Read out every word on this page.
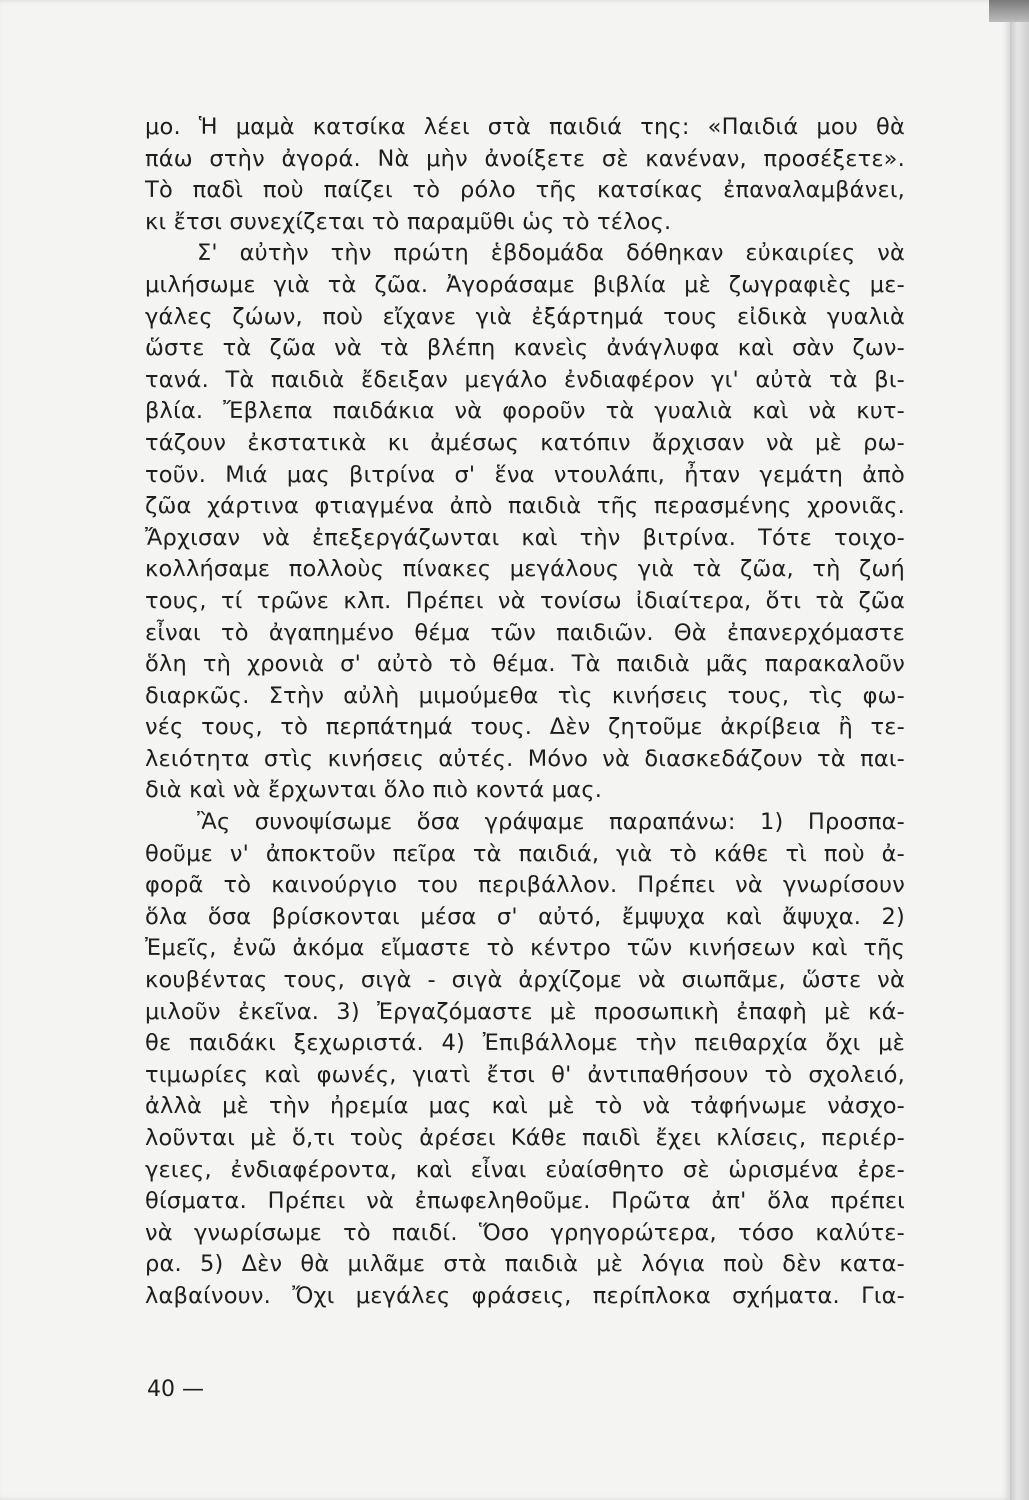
μο. Ἡ μαμὰ κατσίκα λέει στὰ παιδιά της: «Παιδιά μου θὰ
πάω στὴν ἀγορά. Νὰ μὴν ἀνοίξετε σὲ κανέναν, προσέξετε».
Τὸ παδὶ ποὺ παίζει τὸ ρόλο τῆς κατσίκας ἐπαναλαμβάνει,
κι ἔτσι συνεχίζεται τὸ παραμῦθι ὡς τὸ τέλος.
Σ' αὐτὴν τὴν πρώτη ἑβδομάδα δόθηκαν εὐκαιρίες νὰ
μιλήσωμε γιὰ τὰ ζῶα. Ἀγοράσαμε βιβλία μὲ ζωγραφιὲς με-
γάλες ζώων, ποὺ εἴχανε γιὰ ἐξάρτημά τους εἰδικὰ γυαλιὰ
ὥστε τὰ ζῶα νὰ τὰ βλέπη κανεὶς ἀνάγλυφα καὶ σὰν ζων-
τανά. Τὰ παιδιὰ ἔδειξαν μεγάλο ἐνδιαφέρον γι' αὐτὰ τὰ βι-
βλία. Ἔβλεπα παιδάκια νὰ φοροῦν τὰ γυαλιὰ καὶ νὰ κυτ-
τάζουν ἐκστατικὰ κι ἀμέσως κατόπιν ἄρχισαν νὰ μὲ ρω-
τοῦν. Μιά μας βιτρίνα σ' ἕνα ντουλάπι, ἦταν γεμάτη ἀπὸ
ζῶα χάρτινα φτιαγμένα ἀπὸ παιδιὰ τῆς περασμένης χρονιᾶς.
Ἄρχισαν νὰ ἐπεξεργάζωνται καὶ τὴν βιτρίνα. Τότε τοιχο-
κολλήσαμε πολλοὺς πίνακες μεγάλους γιὰ τὰ ζῶα, τὴ ζωή
τους, τί τρῶνε κλπ. Πρέπει νὰ τονίσω ἰδιαίτερα, ὅτι τὰ ζῶα
εἶναι τὸ ἀγαπημένο θέμα τῶν παιδιῶν. Θὰ ἐπανερχόμαστε
ὅλη τὴ χρονιὰ σ' αὐτὸ τὸ θέμα. Τὰ παιδιὰ μᾶς παρακαλοῦν
διαρκῶς. Στὴν αὐλὴ μιμούμεθα τὶς κινήσεις τους, τὶς φω-
νές τους, τὸ περπάτημά τους. Δὲν ζητοῦμε ἀκρίβεια ἢ τε-
λειότητα στὶς κινήσεις αὐτές. Μόνο νὰ διασκεδάζουν τὰ παι-
διὰ καὶ νὰ ἔρχωνται ὅλο πιὸ κοντά μας.
Ἂς συνοψίσωμε ὅσα γράψαμε παραπάνω: 1) Προσπα-
θοῦμε ν' ἀποκτοῦν πεῖρα τὰ παιδιά, γιὰ τὸ κάθε τὶ ποὺ ἀ-
φορᾶ τὸ καινούργιο του περιβάλλον. Πρέπει νὰ γνωρίσουν
ὅλα ὅσα βρίσκονται μέσα σ' αὐτό, ἔμψυχα καὶ ἄψυχα. 2)
Ἐμεῖς, ἐνῶ ἀκόμα εἴμαστε τὸ κέντρο τῶν κινήσεων καὶ τῆς
κουβέντας τους, σιγὰ - σιγὰ ἀρχίζομε νὰ σιωπᾶμε, ὥστε νὰ
μιλοῦν ἐκεῖνα. 3) Ἐργαζόμαστε μὲ προσωπικὴ ἐπαφὴ μὲ κά-
θε παιδάκι ξεχωριστά. 4) Ἐπιβάλλομε τὴν πειθαρχία ὄχι μὲ
τιμωρίες καὶ φωνές, γιατὶ ἔτσι θ' ἀντιπαθήσουν τὸ σχολειό,
ἀλλὰ μὲ τὴν ἠρεμία μας καὶ μὲ τὸ νὰ τἀφήνωμε νἀσχο-
λοῦνται μὲ ὅ,τι τοὺς ἀρέσει Κάθε παιδὶ ἔχει κλίσεις, περιέρ-
γειες, ἐνδιαφέροντα, καὶ εἶναι εὐαίσθητο σὲ ὡρισμένα ἐρε-
θίσματα. Πρέπει νὰ ἐπωφεληθοῦμε. Πρῶτα ἀπ' ὅλα πρέπει
νὰ γνωρίσωμε τὸ παιδί. Ὅσο γρηγορώτερα, τόσο καλύτε-
ρα. 5) Δὲν θὰ μιλᾶμε στὰ παιδιὰ μὲ λόγια ποὺ δὲν κατα-
λαβαίνουν. Ὄχι μεγάλες φράσεις, περίπλοκα σχήματα. Για-
40 —
